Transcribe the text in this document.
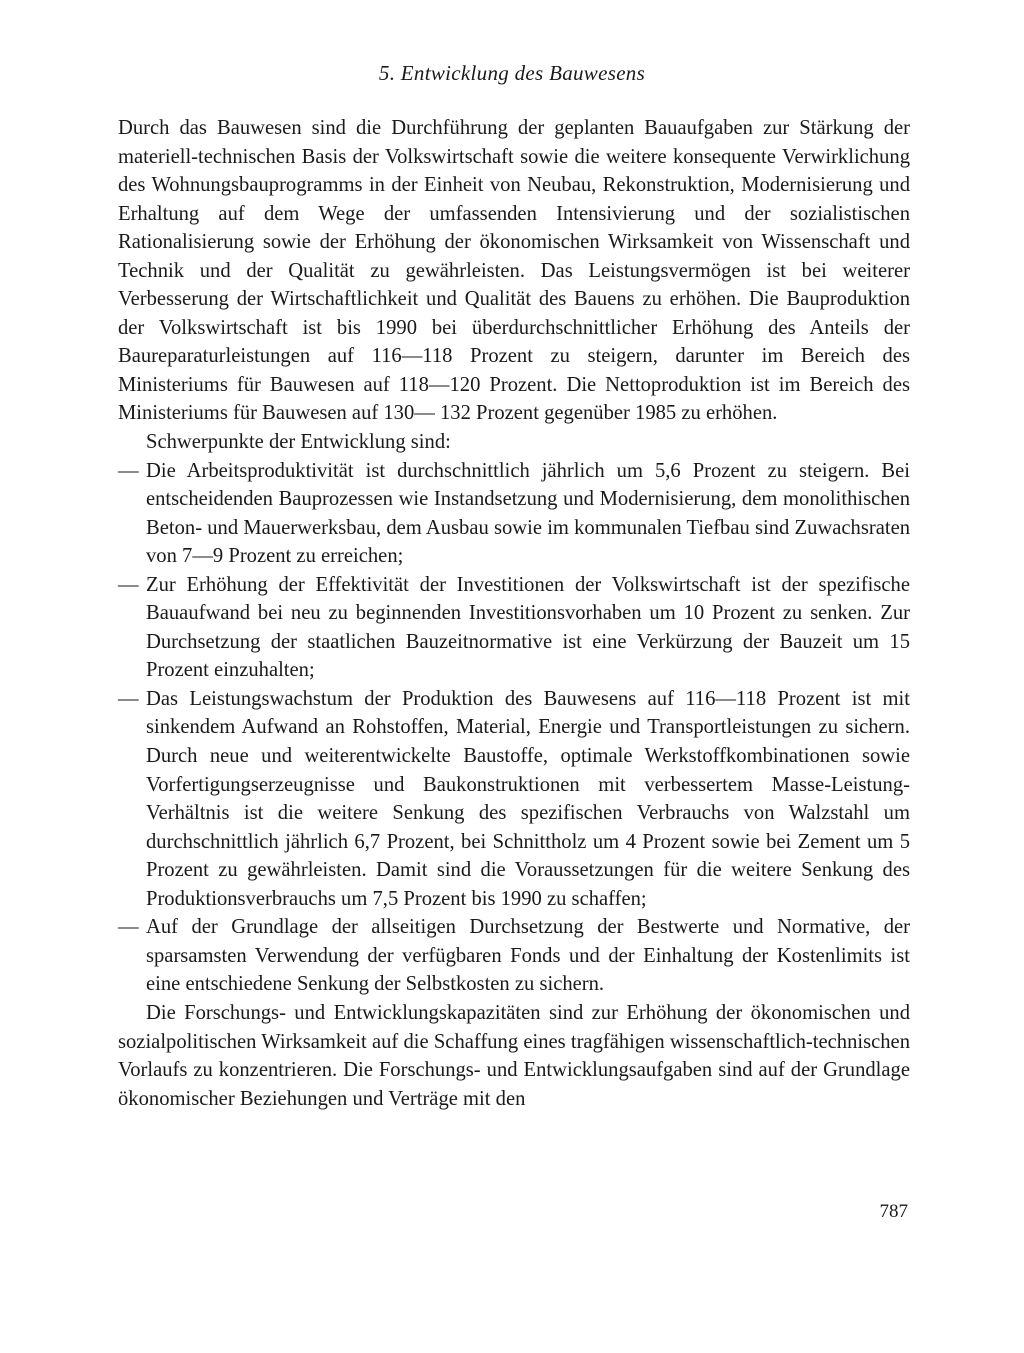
5. Entwicklung des Bauwesens

Durch das Bauwesen sind die Durchführung der geplanten Bauaufgaben zur Stärkung der materiell-technischen Basis der Volkswirtschaft sowie die weitere konsequente Verwirklichung des Wohnungsbauprogramms in der Einheit von Neubau, Rekonstruktion, Modernisierung und Erhaltung auf dem Wege der umfassenden Intensivierung und der sozialistischen Rationalisierung sowie der Erhöhung der ökonomischen Wirksamkeit von Wissenschaft und Technik und der Qualität zu gewährleisten. Das Leistungsvermögen ist bei weiterer Verbesserung der Wirtschaftlichkeit und Qualität des Bauens zu erhöhen. Die Bauproduktion der Volkswirtschaft ist bis 1990 bei überdurchschnittlicher Erhöhung des Anteils der Baureparaturleistungen auf 116—118 Prozent zu steigern, darunter im Bereich des Ministeriums für Bauwesen auf 118—120 Prozent. Die Nettoproduktion ist im Bereich des Ministeriums für Bauwesen auf 130— 132 Prozent gegenüber 1985 zu erhöhen.

Schwerpunkte der Entwicklung sind:

— Die Arbeitsproduktivität ist durchschnittlich jährlich um 5,6 Prozent zu steigern. Bei entscheidenden Bauprozessen wie Instandsetzung und Modernisierung, dem monolithischen Beton- und Mauerwerksbau, dem Ausbau sowie im kommunalen Tiefbau sind Zuwachsraten von 7—9 Prozent zu erreichen;
— Zur Erhöhung der Effektivität der Investitionen der Volkswirtschaft ist der spezifische Bauaufwand bei neu zu beginnenden Investitionsvorhaben um 10 Prozent zu senken. Zur Durchsetzung der staatlichen Bauzeitnormative ist eine Verkürzung der Bauzeit um 15 Prozent einzuhalten;
— Das Leistungswachstum der Produktion des Bauwesens auf 116—118 Prozent ist mit sinkendem Aufwand an Rohstoffen, Material, Energie und Transportleistungen zu sichern. Durch neue und weiterentwickelte Baustoffe, optimale Werkstoffkombinationen sowie Vorfertigungserzeugnisse und Baukonstruktionen mit verbessertem Masse-Leistung-Verhältnis ist die weitere Senkung des spezifischen Verbrauchs von Walzstahl um durchschnittlich jährlich 6,7 Prozent, bei Schnittholz um 4 Prozent sowie bei Zement um 5 Prozent zu gewährleisten. Damit sind die Voraussetzungen für die weitere Senkung des Produktionsverbrauchs um 7,5 Prozent bis 1990 zu schaffen;
— Auf der Grundlage der allseitigen Durchsetzung der Bestwerte und Normative, der sparsamsten Verwendung der verfügbaren Fonds und der Einhaltung der Kostenlimits ist eine entschiedene Senkung der Selbstkosten zu sichern.

Die Forschungs- und Entwicklungskapazitäten sind zur Erhöhung der ökonomischen und sozialpolitischen Wirksamkeit auf die Schaffung eines tragfähigen wissenschaftlich-technischen Vorlaufs zu konzentrieren. Die Forschungs- und Entwicklungsaufgaben sind auf der Grundlage ökonomischer Beziehungen und Verträge mit den

787
